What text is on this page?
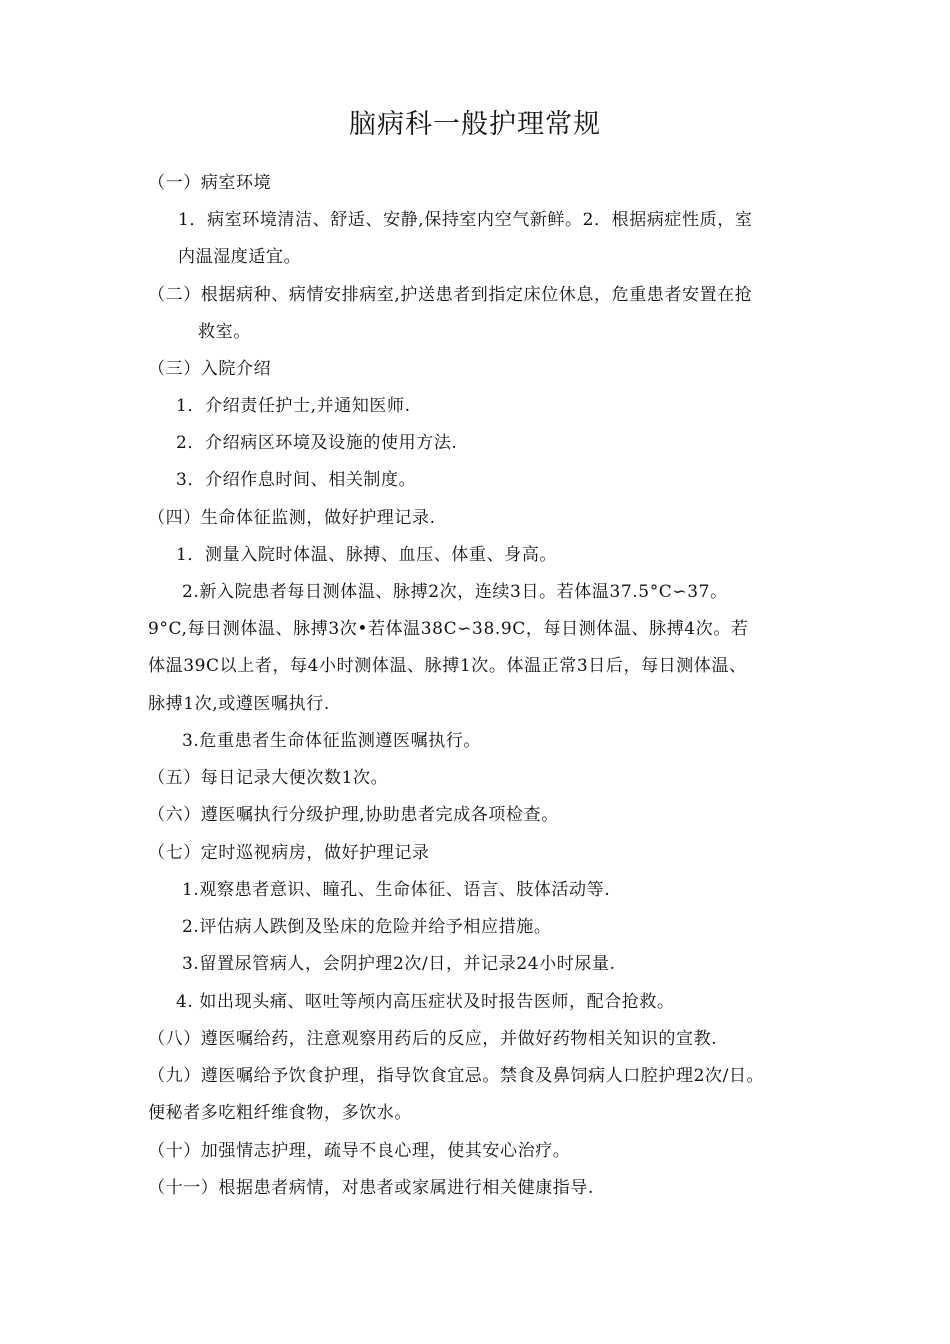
脑病科一般护理常规
（一）病室环境
1．病室环境清洁、舒适、安静,保持室内空气新鲜。2．根据病症性质，室
内温湿度适宜。
（二）根据病种、病情安排病室,护送患者到指定床位休息，危重患者安置在抢
救室。
（三）入院介绍
1．介绍责任护士,并通知医师.
2．介绍病区环境及设施的使用方法.
3．介绍作息时间、相关制度。
（四）生命体征监测，做好护理记录.
1．测量入院时体温、脉搏、血压、体重、身高。
2.新入院患者每日测体温、脉搏2次，连续3日。若体温37.5°C∽37。
9°C,每日测体温、脉搏3次•若体温38C∽38.9C，每日测体温、脉搏4次。若
体温39C以上者，每4小时测体温、脉搏1次。体温正常3日后，每日测体温、
脉搏1次,或遵医嘱执行.
3.危重患者生命体征监测遵医嘱执行。
（五）每日记录大便次数1次。
（六）遵医嘱执行分级护理,协助患者完成各项检查。
（七）定时巡视病房，做好护理记录
1.观察患者意识、瞳孔、生命体征、语言、肢体活动等.
2.评估病人跌倒及坠床的危险并给予相应措施。
3.留置尿管病人，会阴护理2次/日，并记录24小时尿量.
4. 如出现头痛、呕吐等颅内高压症状及时报告医师，配合抢救。
（八）遵医嘱给药，注意观察用药后的反应，并做好药物相关知识的宣教.
（九）遵医嘱给予饮食护理，指导饮食宜忌。禁食及鼻饲病人口腔护理2次/日。
便秘者多吃粗纤维食物，多饮水。
（十）加强情志护理，疏导不良心理，使其安心治疗。
（十一）根据患者病情，对患者或家属进行相关健康指导.
